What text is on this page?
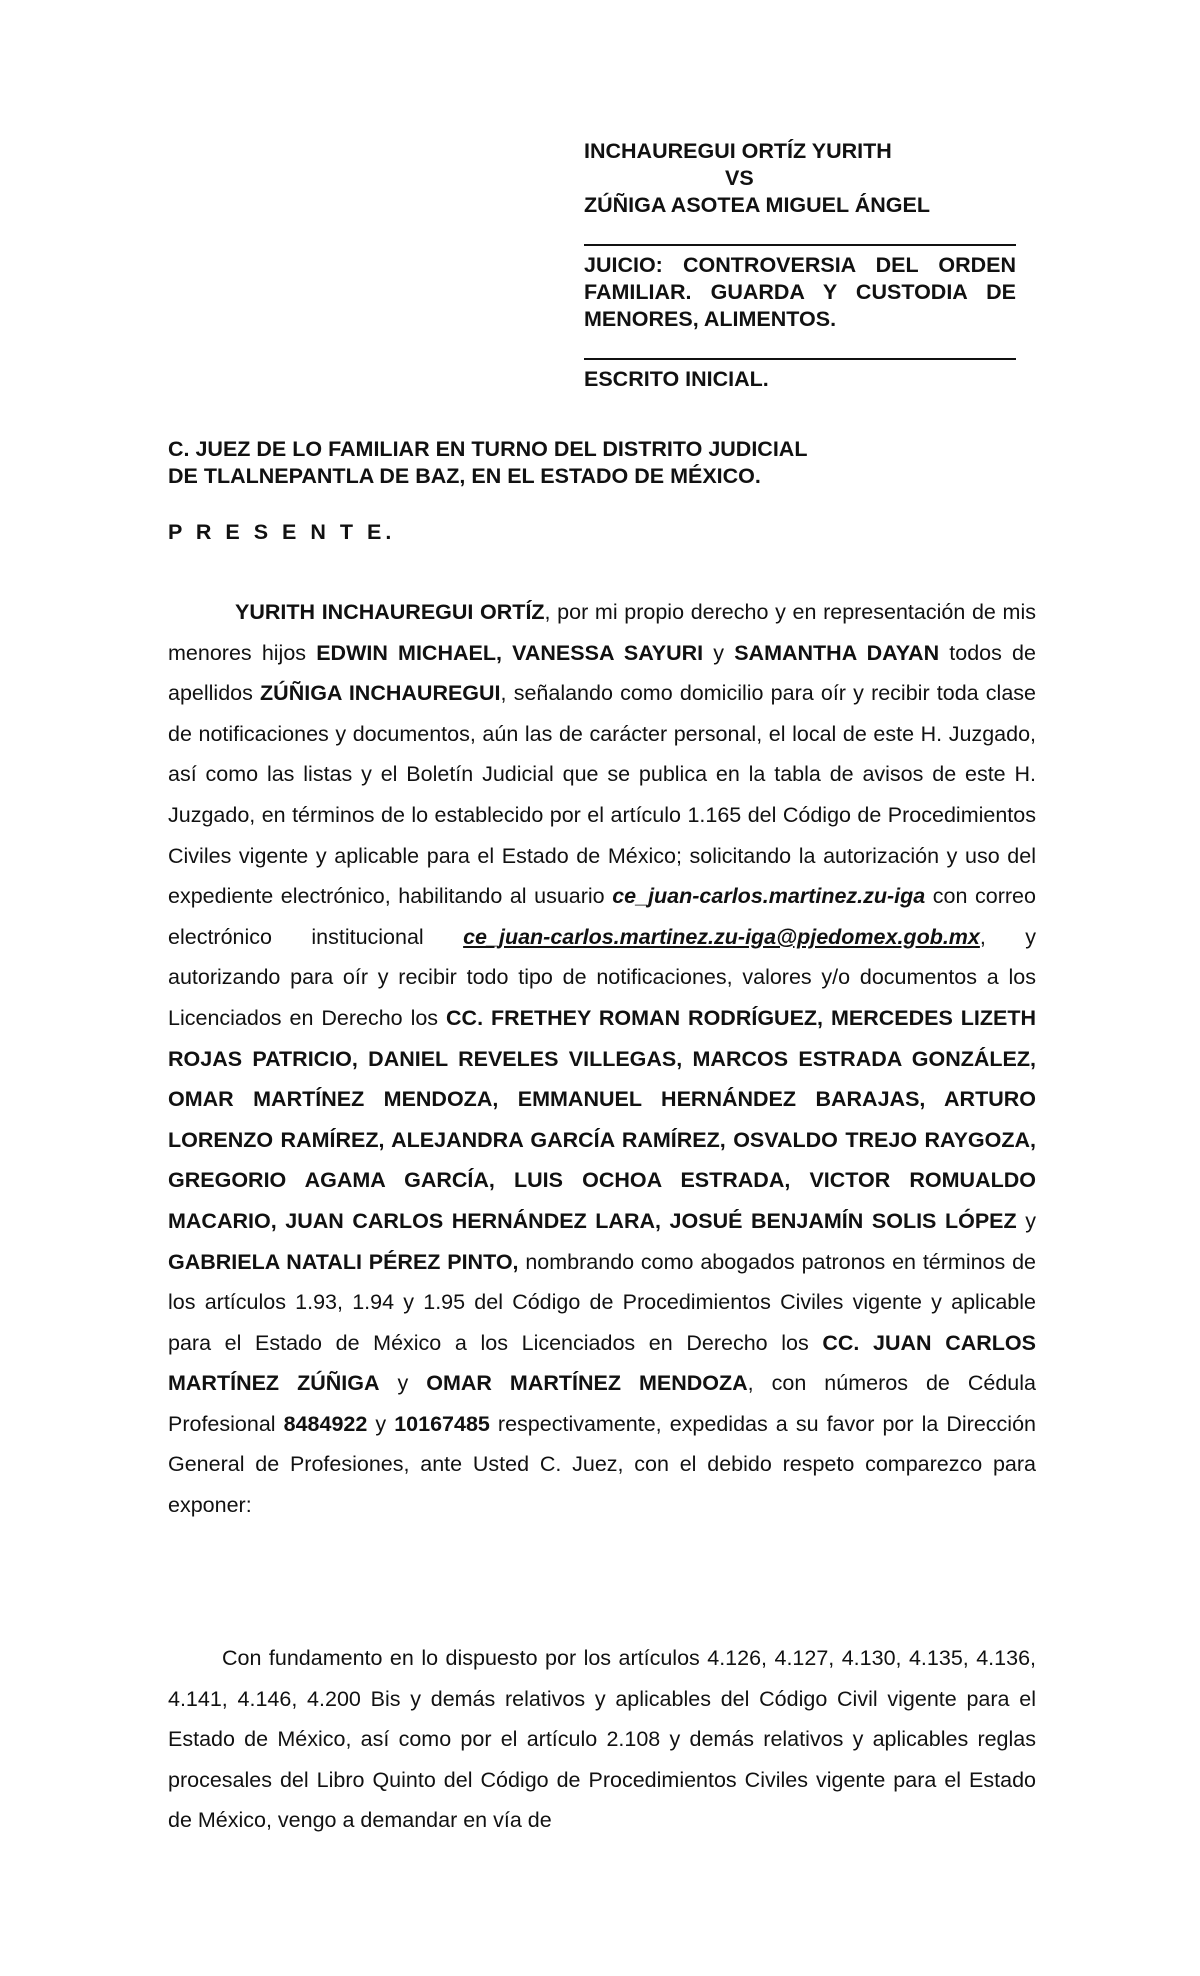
INCHAUREGUI ORTÍZ YURITH
VS
ZÚÑIGA ASOTEA MIGUEL ÁNGEL
JUICIO: CONTROVERSIA DEL ORDEN FAMILIAR. GUARDA Y CUSTODIA DE MENORES, ALIMENTOS.
ESCRITO INICIAL.
C. JUEZ DE LO FAMILIAR EN TURNO DEL DISTRITO JUDICIAL
DE TLALNEPANTLA DE BAZ, EN EL ESTADO DE MÉXICO.
P R E S E N T E.

YURITH INCHAUREGUI ORTÍZ, por mi propio derecho y en representación de mis menores hijos EDWIN MICHAEL, VANESSA SAYURI y SAMANTHA DAYAN todos de apellidos ZÚÑIGA INCHAUREGUI, señalando como domicilio para oír y recibir toda clase de notificaciones y documentos, aún las de carácter personal, el local de este H. Juzgado, así como las listas y el Boletín Judicial que se publica en la tabla de avisos de este H. Juzgado, en términos de lo establecido por el artículo 1.165 del Código de Procedimientos Civiles vigente y aplicable para el Estado de México; solicitando la autorización y uso del expediente electrónico, habilitando al usuario ce_juan-carlos.martinez.zu-iga con correo electrónico institucional ce_juan-carlos.martinez.zu-iga@pjedomex.gob.mx, y autorizando para oír y recibir todo tipo de notificaciones, valores y/o documentos a los Licenciados en Derecho los CC. FRETHEY ROMAN RODRÍGUEZ, MERCEDES LIZETH ROJAS PATRICIO, DANIEL REVELES VILLEGAS, MARCOS ESTRADA GONZÁLEZ, OMAR MARTÍNEZ MENDOZA, EMMANUEL HERNÁNDEZ BARAJAS, ARTURO LORENZO RAMÍREZ, ALEJANDRA GARCÍA RAMÍREZ, OSVALDO TREJO RAYGOZA, GREGORIO AGAMA GARCÍA, LUIS OCHOA ESTRADA, VICTOR ROMUALDO MACARIO, JUAN CARLOS HERNÁNDEZ LARA, JOSUÉ BENJAMÍN SOLIS LÓPEZ y GABRIELA NATALI PÉREZ PINTO, nombrando como abogados patronos en términos de los artículos 1.93, 1.94 y 1.95 del Código de Procedimientos Civiles vigente y aplicable para el Estado de México a los Licenciados en Derecho los CC. JUAN CARLOS MARTÍNEZ ZÚÑIGA y OMAR MARTÍNEZ MENDOZA, con números de Cédula Profesional 8484922 y 10167485 respectivamente, expedidas a su favor por la Dirección General de Profesiones, ante Usted C. Juez, con el debido respeto comparezco para exponer:

Con fundamento en lo dispuesto por los artículos 4.126, 4.127, 4.130, 4.135, 4.136, 4.141, 4.146, 4.200 Bis y demás relativos y aplicables del Código Civil vigente para el Estado de México, así como por el artículo 2.108 y demás relativos y aplicables reglas procesales del Libro Quinto del Código de Procedimientos Civiles vigente para el Estado de México, vengo a demandar en vía de
